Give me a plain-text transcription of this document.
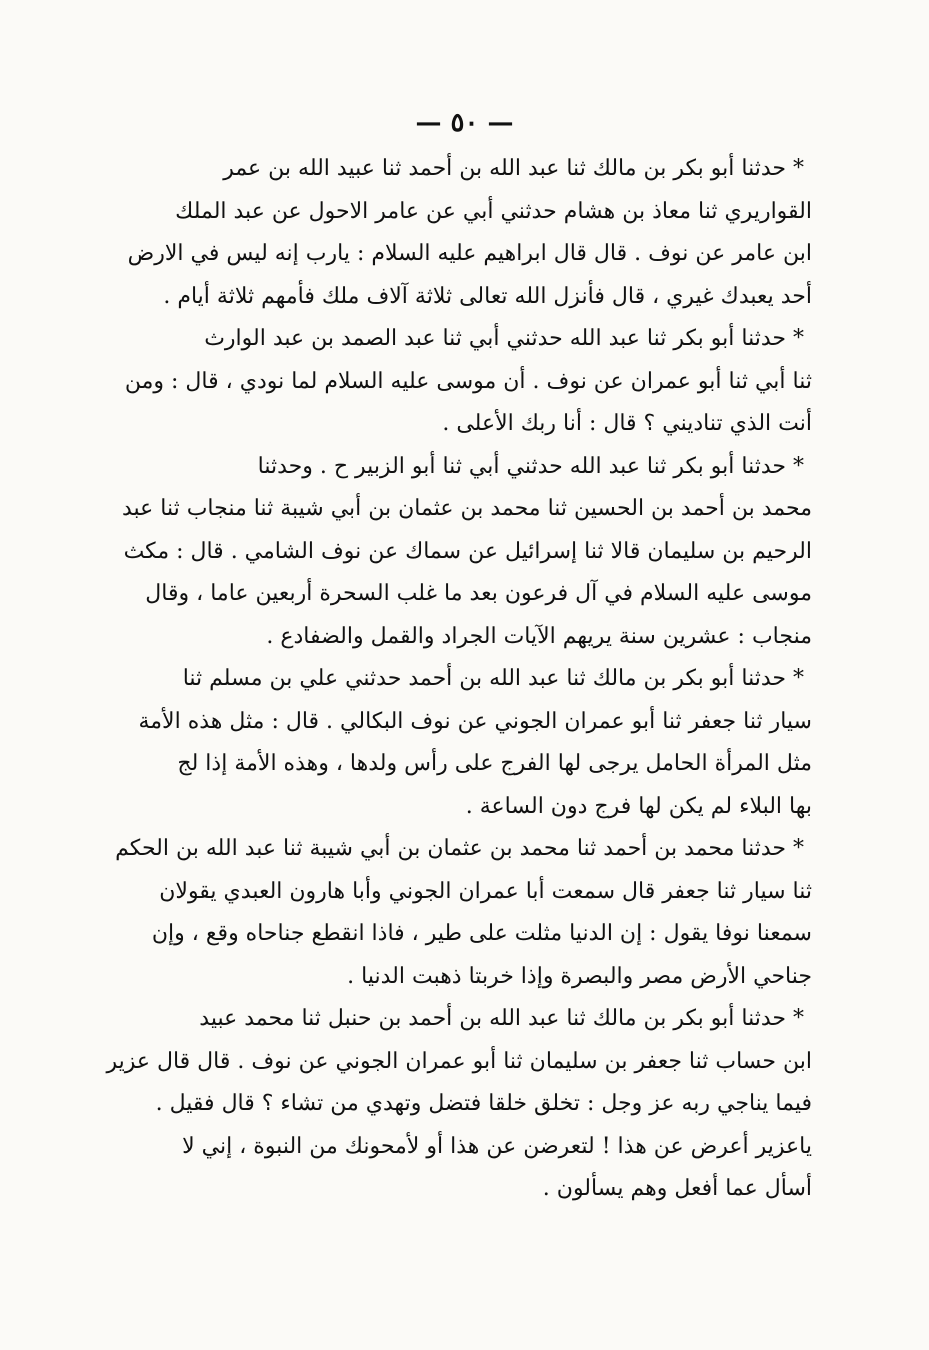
— ٥٠ —

* حدثنا أبو بكر بن مالك ثنا عبد الله بن أحمد ثنا عبيد الله بن عمر
القواريري ثنا معاذ بن هشام حدثني أبي عن عامر الاحول عن عبد الملك
ابن عامر عن نوف . قال قال ابراهيم عليه السلام : يارب إنه ليس في الارض
أحد يعبدك غيري ، قال فأنزل الله تعالى ثلاثة آلاف ملك فأمهم ثلاثة أيام .

* حدثنا أبو بكر ثنا عبد الله حدثني أبي ثنا عبد الصمد بن عبد الوارث
ثنا أبي ثنا أبو عمران عن نوف . أن موسى عليه السلام لما نودي ، قال : ومن
أنت الذي تناديني ؟ قال : أنا ربك الأعلى .

* حدثنا أبو بكر ثنا عبد الله حدثني أبي ثنا أبو الزبير ح . وحدثنا
محمد بن أحمد بن الحسين ثنا محمد بن عثمان بن أبي شيبة ثنا منجاب ثنا عبد
الرحيم بن سليمان قالا ثنا إسرائيل عن سماك عن نوف الشامي . قال : مكث
موسى عليه السلام في آل فرعون بعد ما غلب السحرة أربعين عاما ، وقال
منجاب : عشرين سنة يريهم الآيات الجراد والقمل والضفادع .

* حدثنا أبو بكر بن مالك ثنا عبد الله بن أحمد حدثني علي بن مسلم ثنا
سيار ثنا جعفر ثنا أبو عمران الجوني عن نوف البكالي . قال : مثل هذه الأمة
مثل المرأة الحامل يرجى لها الفرج على رأس ولدها ، وهذه الأمة إذا لج
بها البلاء لم يكن لها فرج دون الساعة .

* حدثنا محمد بن أحمد ثنا محمد بن عثمان بن أبي شيبة ثنا عبد الله بن الحكم
ثنا سيار ثنا جعفر قال سمعت أبا عمران الجوني وأبا هارون العبدي يقولان
سمعنا نوفا يقول : إن الدنيا مثلت على طير ، فاذا انقطع جناحاه وقع ، وإن
جناحي الأرض مصر والبصرة وإذا خربتا ذهبت الدنيا .

* حدثنا أبو بكر بن مالك ثنا عبد الله بن أحمد بن حنبل ثنا محمد عبيد
ابن حساب ثنا جعفر بن سليمان ثنا أبو عمران الجوني عن نوف . قال قال عزير
فيما يناجي ربه عز وجل : تخلق خلقا فتضل وتهدي من تشاء ؟ قال فقيل .
ياعزير أعرض عن هذا ! لتعرضن عن هذا أو لأمحونك من النبوة ، إني لا
أسأل عما أفعل وهم يسألون .
